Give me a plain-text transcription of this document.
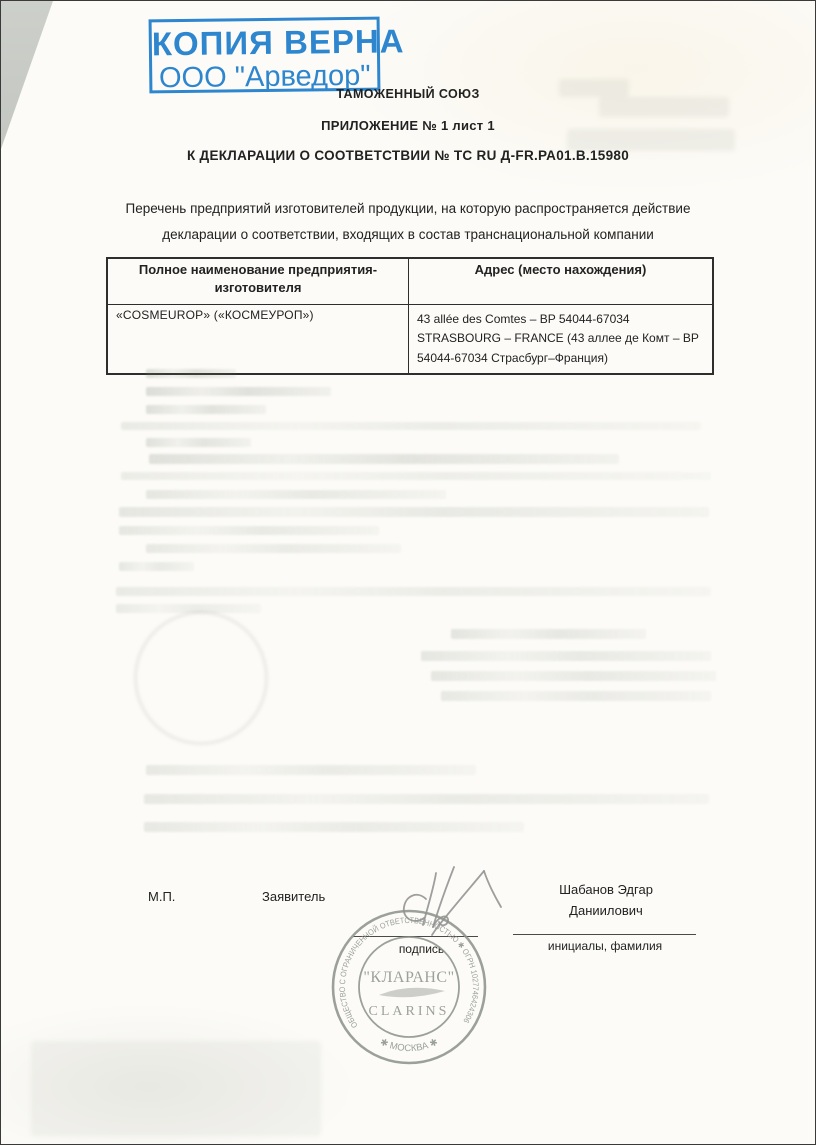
КОПИЯ ВЕРНА
ООО "Арведор"
ТАМОЖЕННЫЙ СОЮЗ
ПРИЛОЖЕНИЕ № 1 лист 1
К ДЕКЛАРАЦИИ О СООТВЕТСТВИИ № ТС RU Д-FR.РА01.В.15980
Перечень предприятий изготовителей продукции, на которую распространяется действие
декларации о соответствии, входящих в состав транснациональной компании
Полное наименование предприятия-изготовителя
Адрес (место нахождения)
«COSMEUROP» («КОСМЕУРОП»)	43 allée des Comtes – BP 54044-67034 STRASBOURG – FRANCE (43 аллее де Комт – BP 54044-67034 Страсбург–Франция)
М.П.	Заявитель
подпись
Шабанов Эдгар Даниилович
инициалы, фамилия
ОБЩЕСТВО С ОГРАНИЧЕННОЙ ОТВЕТСТВЕННОСТЬЮ ✱ ОГРН 1027746424306
✱ МОСКВА ✱
"КЛАРАНС"
CLARINS
